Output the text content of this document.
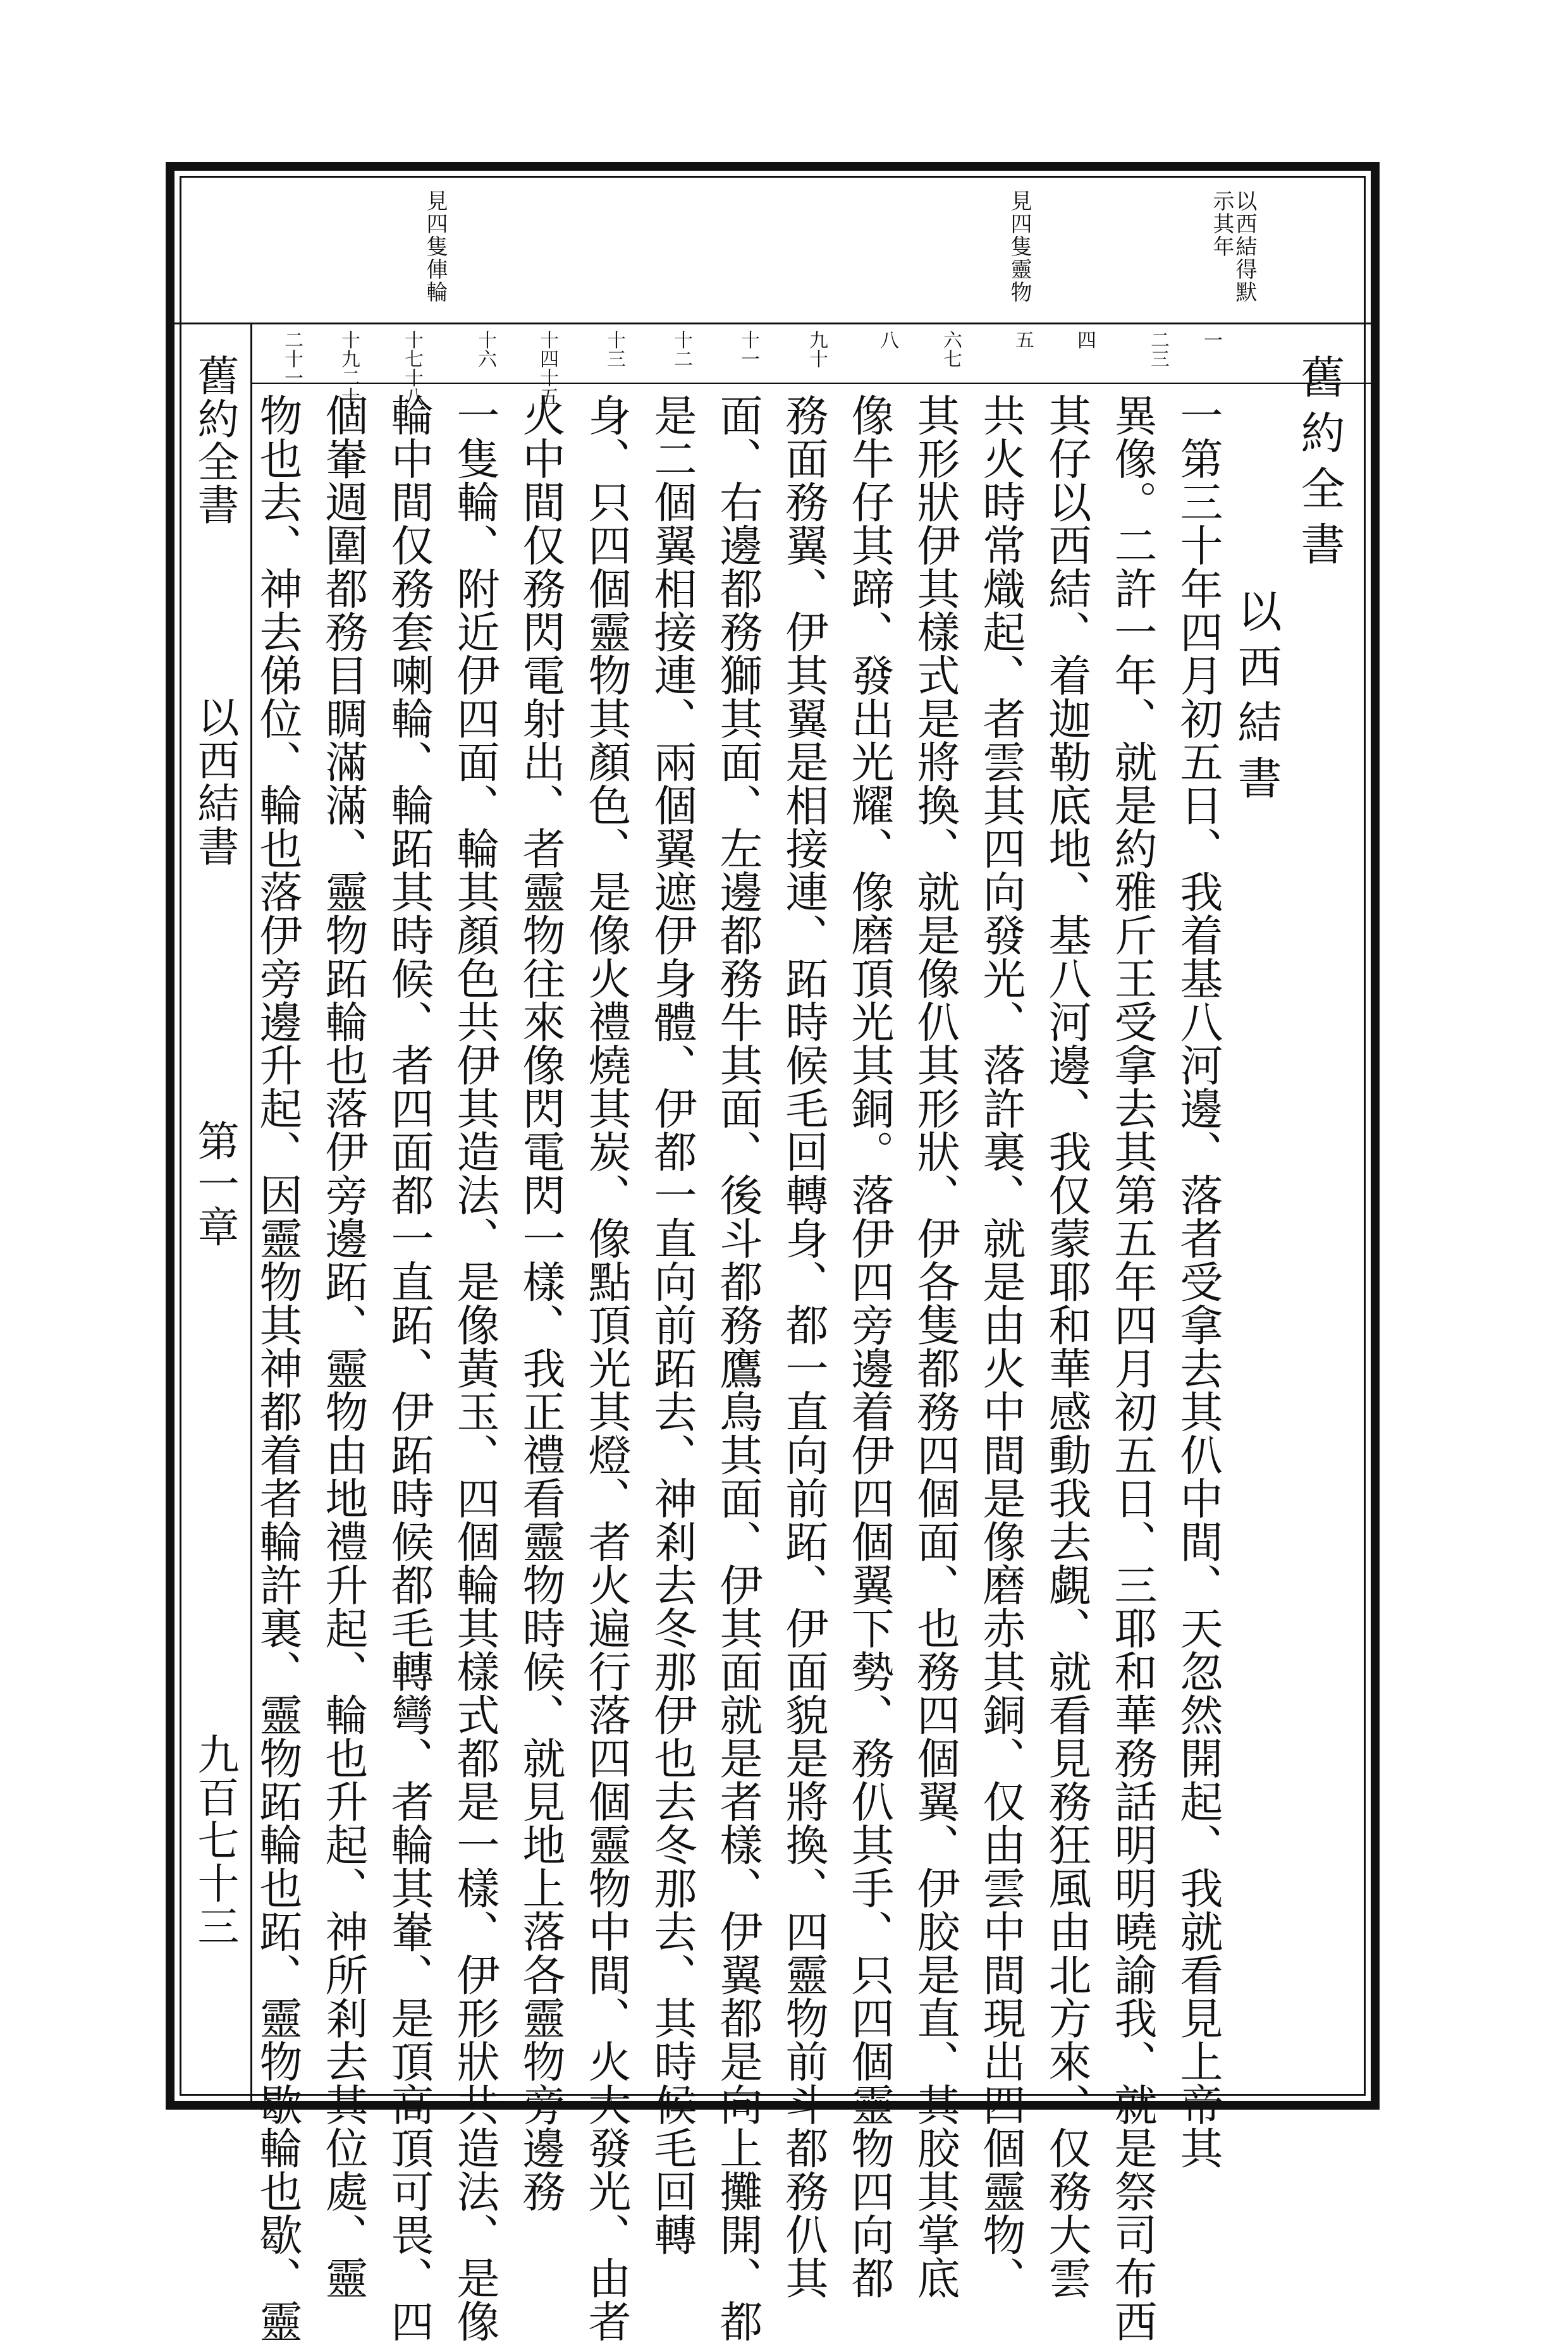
以西結得默示其年
見四隻靈物
見四隻俥輪
一
二三
四
五
六七
八
九十
十一
十二
十三
十四十五
十六
十七十八
十九二十
二十一	舊約全書
以西結書
一第三十年四月初五日、我着基八河邊、落者受拿去其仈中間、天忽然開起、我就看見上帝其
異像。二許一年、就是約雅斤王受拿去其第五年四月初五日、三耶和華務話明明曉諭我、就是祭司布西
其仔以西結、着迦勒底地、基八河邊、我仅蒙耶和華感動我去覷、就看見務狂風由北方來、仅務大雲
共火時常熾起、者雲其四向發光、落許裏、就是由火中間是像磨赤其銅、仅由雲中間現出四個靈物、
其形狀伊其樣式是將換、就是像仈其形狀、伊各隻都務四個面、也務四個翼、伊胶是直、其胶其掌底
像牛仔其蹄、發出光耀、像磨頂光其銅。落伊四旁邊着伊四個翼下勢、務仈其手、只四個靈物四向都
務面務翼、伊其翼是相接連、跖時候毛回轉身、都一直向前跖、伊面貌是將換、四靈物前斗都務仈其
面、右邊都務獅其面、左邊都務牛其面、後斗都務鷹鳥其面、伊其面就是者樣、伊翼都是向上攤開、都
是二個翼相接連、兩個翼遮伊身體、伊都一直向前跖去、神剎去冬那伊也去冬那去、其時候毛回轉
身、只四個靈物其顏色、是像火禮燒其炭、像點頂光其燈、者火遍行落四個靈物中間、火大發光、由者
火中間仅務閃電射出、者靈物往來像閃電閃一樣、我正禮看靈物時候、就見地上落各靈物旁邊務
一隻輪、附近伊四面、輪其顏色共伊其造法、是像黃玉、四個輪其樣式都是一樣、伊形狀共造法、是像
輪中間仅務套喇輪、輪跖其時候、者四面都一直跖、伊跖時候都毛轉彎、者輪其輋、是頂高頂可畏、四
個輋週圍都務目睭滿滿、靈物跖輪也落伊旁邊跖、靈物由地禮升起、輪也升起、神所剎去其位處、靈
物也去、神去俤位、輪也落伊旁邊升起、因靈物其神都着者輪許裏、靈物跖輪也跖、靈物歇輪也歇、靈
舊約全書
以西結書
第一章
九百七十三
